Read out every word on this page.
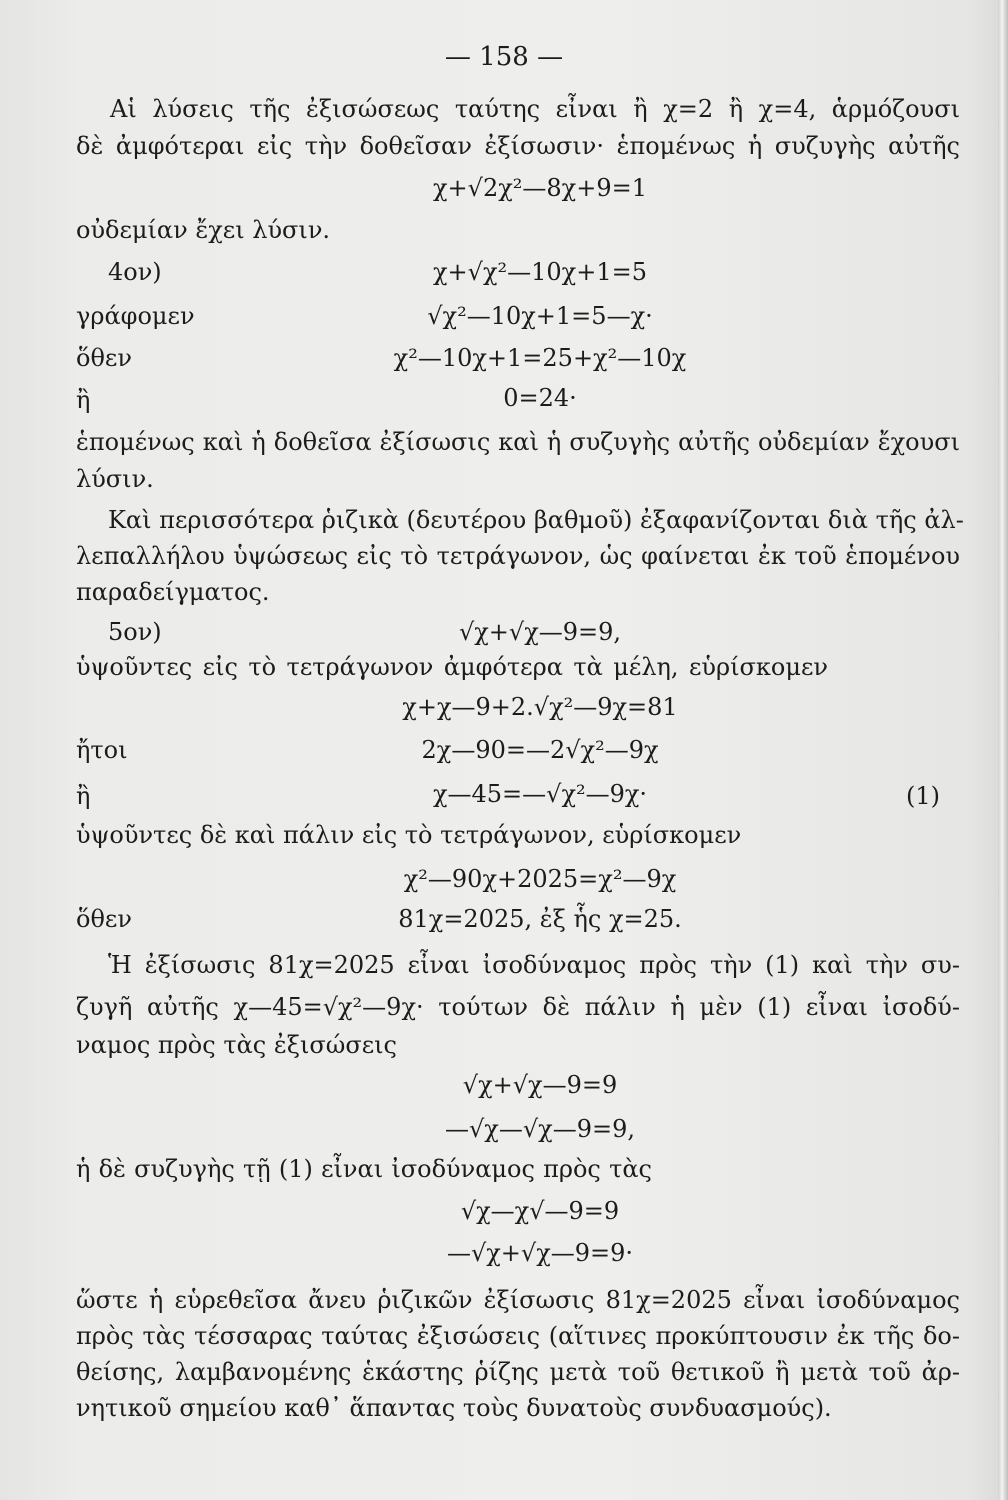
— 158 —
Αἱ λύσεις τῆς ἐξισώσεως ταύτης εἶναι ἢ χ=2 ἢ χ=4, ἁρμόζουσι
δὲ ἀμφότεραι εἰς τὴν δοθεῖσαν ἐξίσωσιν· ἑπομένως ἡ συζυγὴς αὐτῆς
χ+√2χ²—8χ+9=1
οὐδεμίαν ἔχει λύσιν.
4ον)	χ+√χ²—10χ+1=5
γράφομεν	√χ²—10χ+1=5—χ·
ὅθεν	χ²—10χ+1=25+χ²—10χ
ἢ	0=24·
ἑπομένως καὶ ἡ δοθεῖσα ἐξίσωσις καὶ ἡ συζυγὴς αὐτῆς οὐδεμίαν ἔχουσι
λύσιν.
Καὶ περισσότερα ῥιζικὰ (δευτέρου βαθμοῦ) ἐξαφανίζονται διὰ τῆς ἀλ-
λεπαλλήλου ὑψώσεως εἰς τὸ τετράγωνον, ὡς φαίνεται ἐκ τοῦ ἑπομένου
παραδείγματος.
5ον)	√χ+√χ—9=9,
ὑψοῦντες εἰς τὸ τετράγωνον ἀμφότερα τὰ μέλη, εὑρίσκομεν
χ+χ—9+2.√χ²—9χ=81
ἤτοι	2χ—90=—2√χ²—9χ
ἢ	χ—45=—√χ²—9χ·	(1)
ὑψοῦντες δὲ καὶ πάλιν εἰς τὸ τετράγωνον, εὑρίσκομεν
χ²—90χ+2025=χ²—9χ
ὅθεν	81χ=2025, ἐξ ἧς χ=25.
Ἡ ἐξίσωσις 81χ=2025 εἶναι ἰσοδύναμος πρὸς τὴν (1) καὶ τὴν συ-
ζυγῆ αὐτῆς χ—45=√χ²—9χ· τούτων δὲ πάλιν ἡ μὲν (1) εἶναι ἰσοδύ-
ναμος πρὸς τὰς ἐξισώσεις
√χ+√χ—9=9
—√χ—√χ—9=9,
ἡ δὲ συζυγὴς τῇ (1) εἶναι ἰσοδύναμος πρὸς τὰς
√χ—χ√—9=9
—√χ+√χ—9=9·
ὥστε ἡ εὑρεθεῖσα ἄνευ ῥιζικῶν ἐξίσωσις 81χ=2025 εἶναι ἰσοδύναμος
πρὸς τὰς τέσσαρας ταύτας ἐξισώσεις (αἵτινες προκύπτουσιν ἐκ τῆς δο-
θείσης, λαμβανομένης ἑκάστης ῥίζης μετὰ τοῦ θετικοῦ ἢ μετὰ τοῦ ἀρ-
νητικοῦ σημείου καθ᾽ ἅπαντας τοὺς δυνατοὺς συνδυασμούς).
